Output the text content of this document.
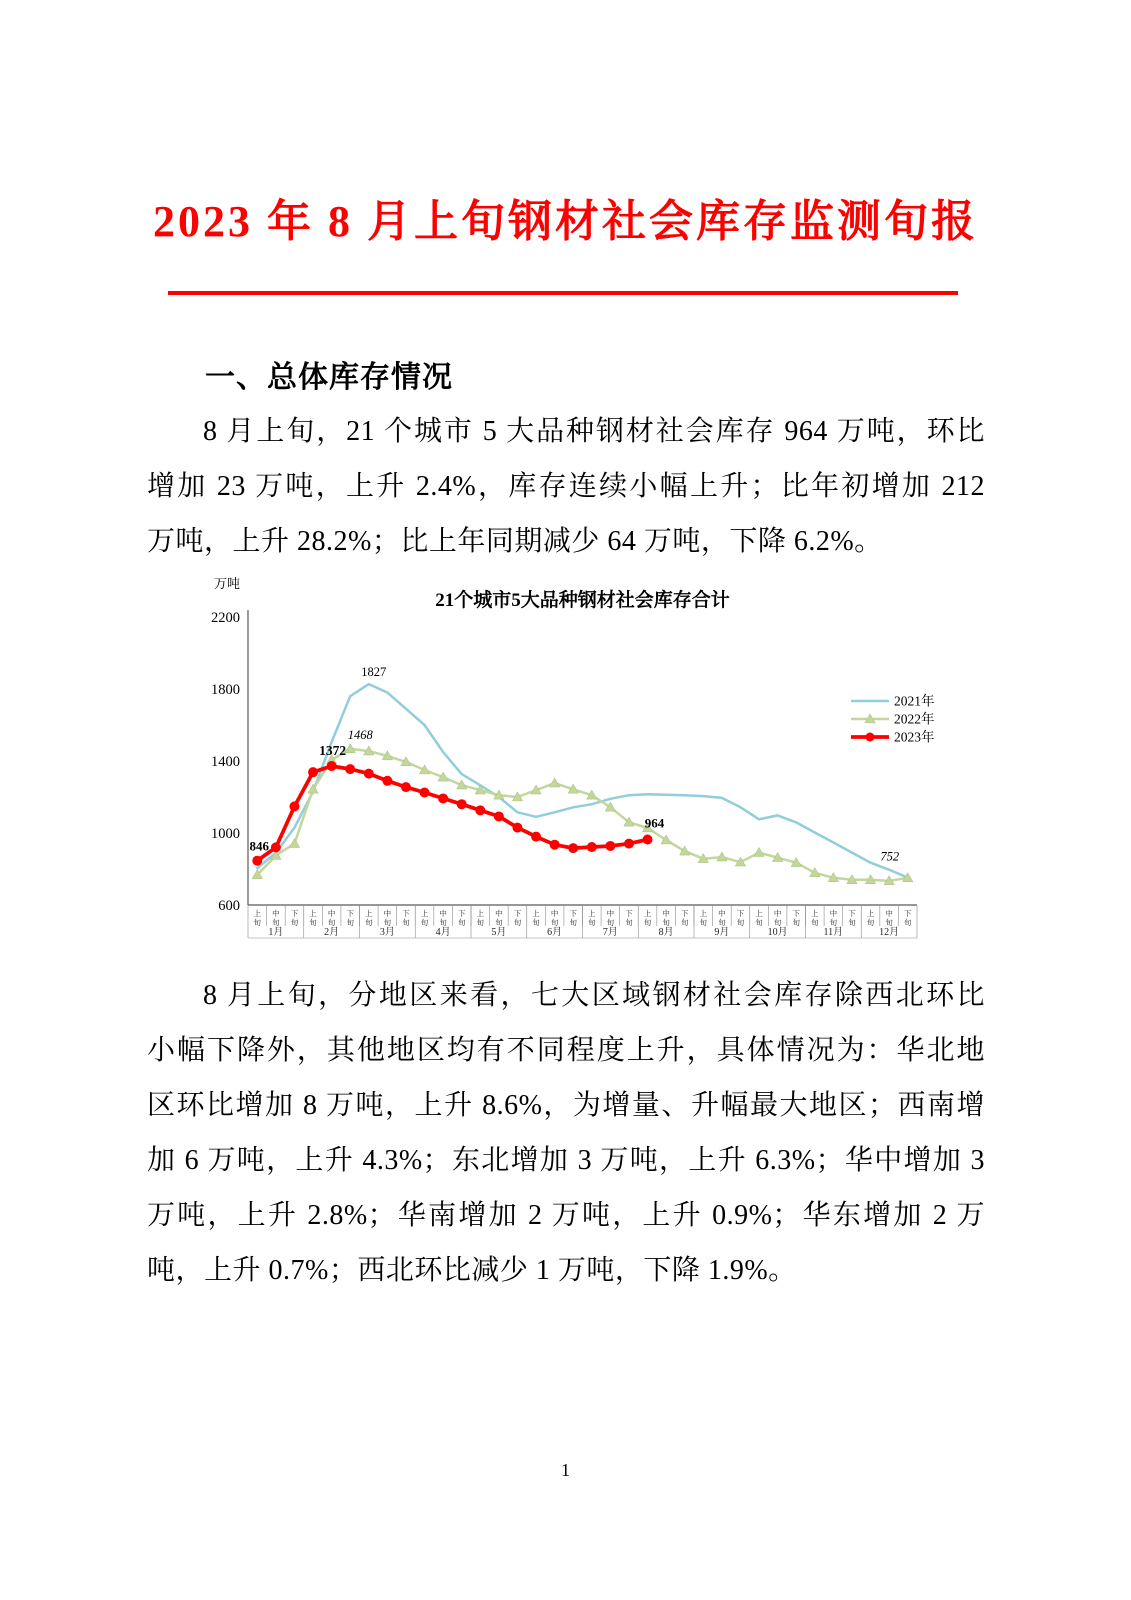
2023 年 8 月上旬钢材社会库存监测旬报
一、总体库存情况
8 月上旬，21 个城市 5 大品种钢材社会库存 964 万吨，环比
增加 23 万吨，上升 2.4%，库存连续小幅上升；比年初增加 212
万吨，上升 28.2%；比上年同期减少 64 万吨，下降 6.2%。
21个城市5大品种钢材社会库存合计
万吨
600
1000
1400
1800
2200
上
旬
中
旬
下
旬
上
旬
中
旬
下
旬
上
旬
中
旬
下
旬
上
旬
中
旬
下
旬
上
旬
中
旬
下
旬
上
旬
中
旬
下
旬
上
旬
中
旬
下
旬
上
旬
中
旬
下
旬
上
旬
中
旬
下
旬
上
旬
中
旬
下
旬
上
旬
中
旬
下
旬
上
旬
中
旬
下
旬
1月	2月	3月	4月	5月	6月	7月	8月	9月	10月	11月	12月
846
1372
1468
1827
964
752
2021年
2022年
2023年
8 月上旬，分地区来看，七大区域钢材社会库存除西北环比
小幅下降外，其他地区均有不同程度上升，具体情况为：华北地
区环比增加 8 万吨，上升 8.6%，为增量、升幅最大地区；西南增
加 6 万吨，上升 4.3%；东北增加 3 万吨，上升 6.3%；华中增加 3
万吨，上升 2.8%；华南增加 2 万吨，上升 0.9%；华东增加 2 万
吨，上升 0.7%；西北环比减少 1 万吨，下降 1.9%。
1
